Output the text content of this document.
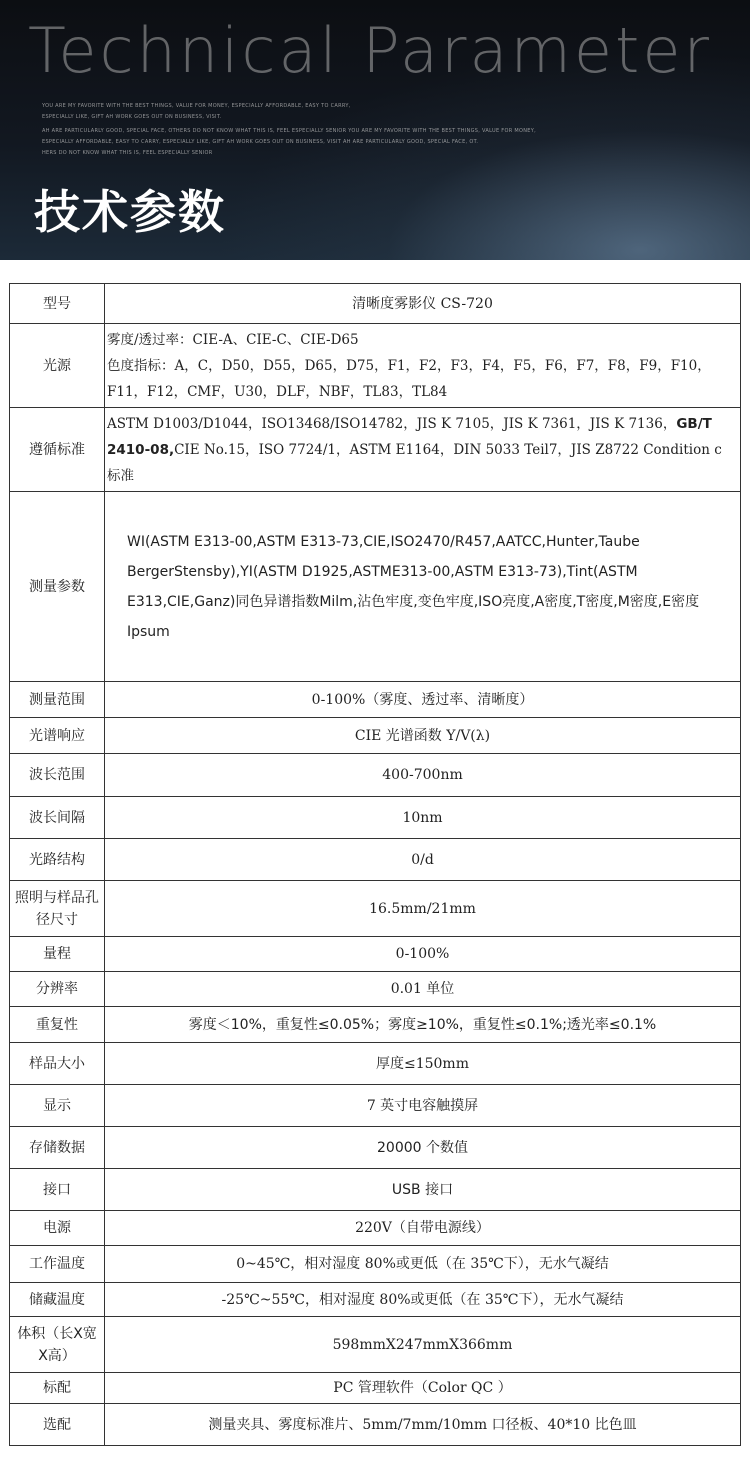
Technical Parameter
YOU ARE MY FAVORITE WITH THE BEST THINGS, VALUE FOR MONEY, ESPECIALLY AFFORDABLE, EASY TO CARRY,
ESPECIALLY LIKE, GIFT AH WORK GOES OUT ON BUSINESS, VISIT.
AH ARE PARTICULARLY GOOD, SPECIAL FACE, OTHERS DO NOT KNOW WHAT THIS IS, FEEL ESPECIALLY SENIOR YOU ARE MY FAVORITE WITH THE BEST THINGS, VALUE FOR MONEY,
ESPECIALLY AFFORDABLE, EASY TO CARRY, ESPECIALLY LIKE, GIFT AH WORK GOES OUT ON BUSINESS, VISIT AH ARE PARTICULARLY GOOD, SPECIAL FACE, OT.
HERS DO NOT KNOW WHAT THIS IS, FEEL ESPECIALLY SENIOR
技术参数
型号	清晰度雾影仪 CS-720
光源	雾度/透过率：CIE-A、CIE-C、CIE-D65
色度指标：A，C，D50，D55，D65，D75，F1，F2，F3，F4，F5，F6，F7，F8，F9，F10，
F11，F12，CMF，U30，DLF，NBF，TL83，TL84

遵循标准	ASTM D1003/D1044，ISO13468/ISO14782，JIS K 7105，JIS K 7361，JIS K 7136，GB/T 2410-08,CIE No.15，ISO 7724/1，ASTM E1164，DIN 5033 Teil7，JIS Z8722 Condition c 标准
测量参数	WI(ASTM E313-00,ASTM E313-73,CIE,ISO2470/R457,AATCC,Hunter,Taube BergerStensby),YI(ASTM D1925,ASTME313-00,ASTM E313-73),Tint(ASTM E313,CIE,Ganz)同色异谱指数Milm,沾色牢度,变色牢度,ISO亮度,A密度,T密度,M密度,E密度Ipsum
测量范围	0-100%（雾度、透过率、清晰度）
光谱响应	CIE 光谱函数 Y/V(λ)
波长范围	400-700nm
波长间隔	10nm
光路结构	0/d
照明与样品孔径尺寸	16.5mm/21mm
量程	0-100%
分辨率	0.01 单位
重复性	雾度＜10%，重复性≤0.05%；雾度≥10%，重复性≤0.1%;透光率≤0.1%
样品大小	厚度≤150mm
显示	7 英寸电容触摸屏
存储数据	20000 个数值
接口	USB 接口
电源	220V（自带电源线）
工作温度	0~45℃，相对湿度 80%或更低（在 35℃下），无水气凝结
储藏温度	-25℃~55℃，相对湿度 80%或更低（在 35℃下），无水气凝结
体积（长X宽X高）	598mmX247mmX366mm
标配	PC 管理软件（Color QC ）
选配	测量夹具、雾度标准片、5mm/7mm/10mm 口径板、40*10 比色皿
